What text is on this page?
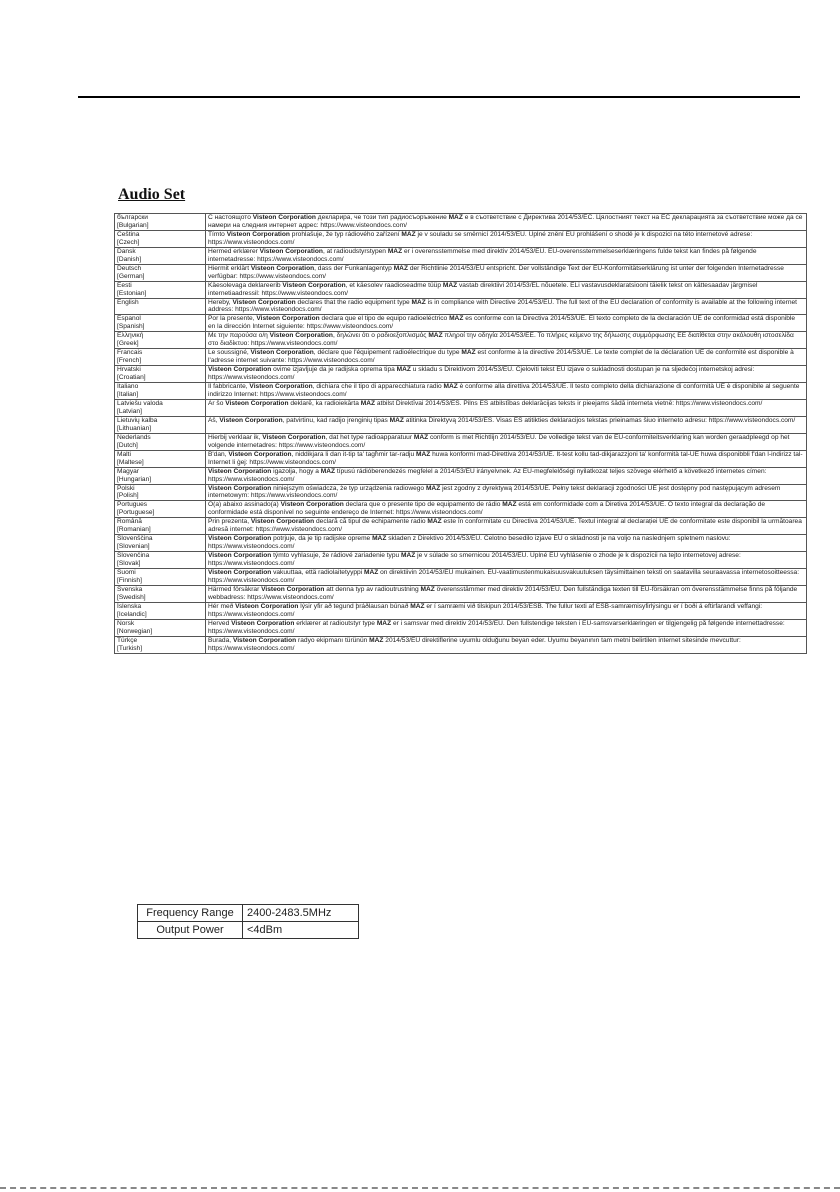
Audio Set
български
[Bulgarian]	С настоящото Visteon Corporation декларира, че този тип радиосъоръжение MAZ е в съответствие с Директива 2014/53/ЕС. Цялостният текст на ЕС декларацията за съответствие може да се намери на следния интернет адрес: https://www.visteondocs.com/

Čeština
[Czech]	Tímto Visteon Corporation prohlašuje, že typ rádiového zařízení MAZ je v souladu se směrnicí 2014/53/EU. Úplné znění EU prohlášení o shodě je k dispozici na této internetové adrese: https://www.visteondocs.com/

Dansk
[Danish]	Hermed erklærer Visteon Corporation, at radioudstyrstypen MAZ er i overensstemmelse med direktiv 2014/53/EU. EU-overensstemmelseserklæringens fulde tekst kan findes på følgende internetadresse: https://www.visteondocs.com/

Deutsch
[German]	Hiermit erklärt Visteon Corporation, dass der Funkanlagentyp MAZ der Richtlinie 2014/53/EU entspricht. Der vollständige Text der EU-Konformitätserklärung ist unter der folgenden Internetadresse verfügbar: https://www.visteondocs.com/

Eesti
[Estonian]	Käesolevaga deklareerib Visteon Corporation, et käesolev raadioseadme tüüp MAZ vastab direktiivi 2014/53/EL nõuetele. ELi vastavusdeklaratsiooni täielik tekst on kättesaadav järgmisel internetiaadressil: https://www.visteondocs.com/

English	Hereby, Visteon Corporation declares that the radio equipment type MAZ is in compliance with Directive 2014/53/EU. The full text of the EU declaration of conformity is available at the following internet address: https://www.visteondocs.com/

Espanol
[Spanish]	Por la presente, Visteon Corporation declara que el tipo de equipo radioeléctrico MAZ es conforme con la Directiva 2014/53/UE. El texto completo de la declaración UE de conformidad está disponible en la dirección Internet siguiente: https://www.visteondocs.com/

Ελληνική
[Greek]	Με την παρούσα ο/η Visteon Corporation, δηλώνει ότι ο ραδιοεξοπλισμός MAZ πληροί την οδηγία 2014/53/ΕΕ. Το πλήρες κείμενο της δήλωσης συμμόρφωσης ΕΕ διατίθεται στην ακόλουθη ιστοσελίδα στο διαδίκτυο: https://www.visteondocs.com/

Francais
[French]	Le soussigné, Visteon Corporation, déclare que l'équipement radioélectrique du type MAZ est conforme à la directive 2014/53/UE. Le texte complet de la déclaration UE de conformité est disponible à l'adresse internet suivante: https://www.visteondocs.com/

Hrvatski
[Croatian]	Visteon Corporation ovime izjavljuje da je radijska oprema tipa MAZ u skladu s Direktivom 2014/53/EU. Cjeloviti tekst EU izjave o sukladnosti dostupan je na sljedećoj internetskoj adresi: https://www.visteondocs.com/

Italiano
[Italian]	Il fabbricante, Visteon Corporation, dichiara che il tipo di apparecchiatura radio MAZ è conforme alla direttiva 2014/53/UE. Il testo completo della dichiarazione di conformità UE è disponibile al seguente indirizzo Internet: https://www.visteondocs.com/

Latviešu valoda
[Latvian]	Ar šo Visteon Corporation deklarē, ka radioiekārta MAZ atbilst Direktīvai 2014/53/ES. Pilns ES atbilstības deklarācijas teksts ir pieejams šādā interneta vietnē: https://www.visteondocs.com/

Lietuvių kalba
[Lithuanian]	Aš, Visteon Corporation, patvirtinu, kad radijo įrenginių tipas MAZ atitinka Direktyvą 2014/53/ES. Visas ES atitikties deklaracijos tekstas prieinamas šiuo interneto adresu: https://www.visteondocs.com/

Nederlands
[Dutch]	Hierbij verklaar ik, Visteon Corporation, dat het type radioapparatuur MAZ conform is met Richtlijn 2014/53/EU. De volledige tekst van de EU-conformiteitsverklaring kan worden geraadpleegd op het volgende internetadres: https://www.visteondocs.com/

Malti
[Maltese]	B'dan, Visteon Corporation, niddikjara li dan it-tip ta' tagħmir tar-radju MAZ huwa konformi mad-Direttiva 2014/53/UE. It-test kollu tad-dikjarazzjoni ta' konformità tal-UE huwa disponibbli f'dan l-indirizz tal-Internet li ġej: https://www.visteondocs.com/

Magyar
[Hungarian]	Visteon Corporation igazolja, hogy a MAZ típusú rádióberendezés megfelel a 2014/53/EU irányelvnek. Az EU-megfelelőségi nyilatkozat teljes szövege elérhető a következő internetes címen: https://www.visteondocs.com/

Polski
[Polish]	Visteon Corporation niniejszym oświadcza, że typ urządzenia radiowego MAZ jest zgodny z dyrektywą 2014/53/UE. Pełny tekst deklaracji zgodności UE jest dostępny pod następującym adresem internetowym: https://www.visteondocs.com/

Portugues
[Portuguese]	O(a) abaixo assinado(a) Visteon Corporation declara que o presente tipo de equipamento de rádio MAZ está em conformidade com a Diretiva 2014/53/UE. O texto integral da declaração de conformidade está disponível no seguinte endereço de Internet: https://www.visteondocs.com/

Română
[Romanian]	Prin prezenta, Visteon Corporation declară că tipul de echipamente radio MAZ este în conformitate cu Directiva 2014/53/UE. Textul integral al declarației UE de conformitate este disponibil la următoarea adresă internet: https://www.visteondocs.com/

Slovenščina
[Slovenian]	Visteon Corporation potrjuje, da je tip radijske opreme MAZ skladen z Direktivo 2014/53/EU. Celotno besedilo izjave EU o skladnosti je na voljo na naslednjem spletnem naslovu: https://www.visteondocs.com/

Slovenčina
[Slovak]	Visteon Corporation týmto vyhlasuje, že rádiové zariadenie typu MAZ je v súlade so smernicou 2014/53/EÚ. Úplné EÚ vyhlásenie o zhode je k dispozícii na tejto internetovej adrese: https://www.visteondocs.com/

Suomi
[Finnish]	Visteon Corporation vakuuttaa, että radiolaitetyyppi MAZ on direktiivin 2014/53/EU mukainen. EU-vaatimustenmukaisuusvakuutuksen täysimittainen teksti on saatavilla seuraavassa internetosoitteessa: https://www.visteondocs.com/

Svenska
[Swedish]	Härmed försäkrar Visteon Corporation att denna typ av radioutrustning MAZ överensstämmer med direktiv 2014/53/EU. Den fullständiga texten till EU-försäkran om överensstämmelse finns på följande webbadress: https://www.visteondocs.com/

Íslenska
[Icelandic]	Hér með Visteon Corporation lýsir yfir að tegund þráðlausan búnað MAZ er í samræmi við tilskipun 2014/53/ESB. The fullur texti af ESB-samræmisyfirlýsingu er í boði á eftirfarandi veffangi: https://www.visteondocs.com/

Norsk
[Norwegian]	Herved Visteon Corporation erklærer at radioutstyr type MAZ er i samsvar med direktiv 2014/53/EU. Den fullstendige teksten i EU-samsvarserklæringen er tilgjengelig på følgende internettadresse: https://www.visteondocs.com/

Türkçe
[Turkish]	Burada, Visteon Corporation radyo ekipmanı türünün MAZ 2014/53/EU direktiflerine uyumlu olduğunu beyan eder. Uyumu beyanının tam metni belirtilen internet sitesinde mevcuttur: https://www.visteondocs.com/
Frequency Range	2400-2483.5MHz
Output Power	<4dBm
